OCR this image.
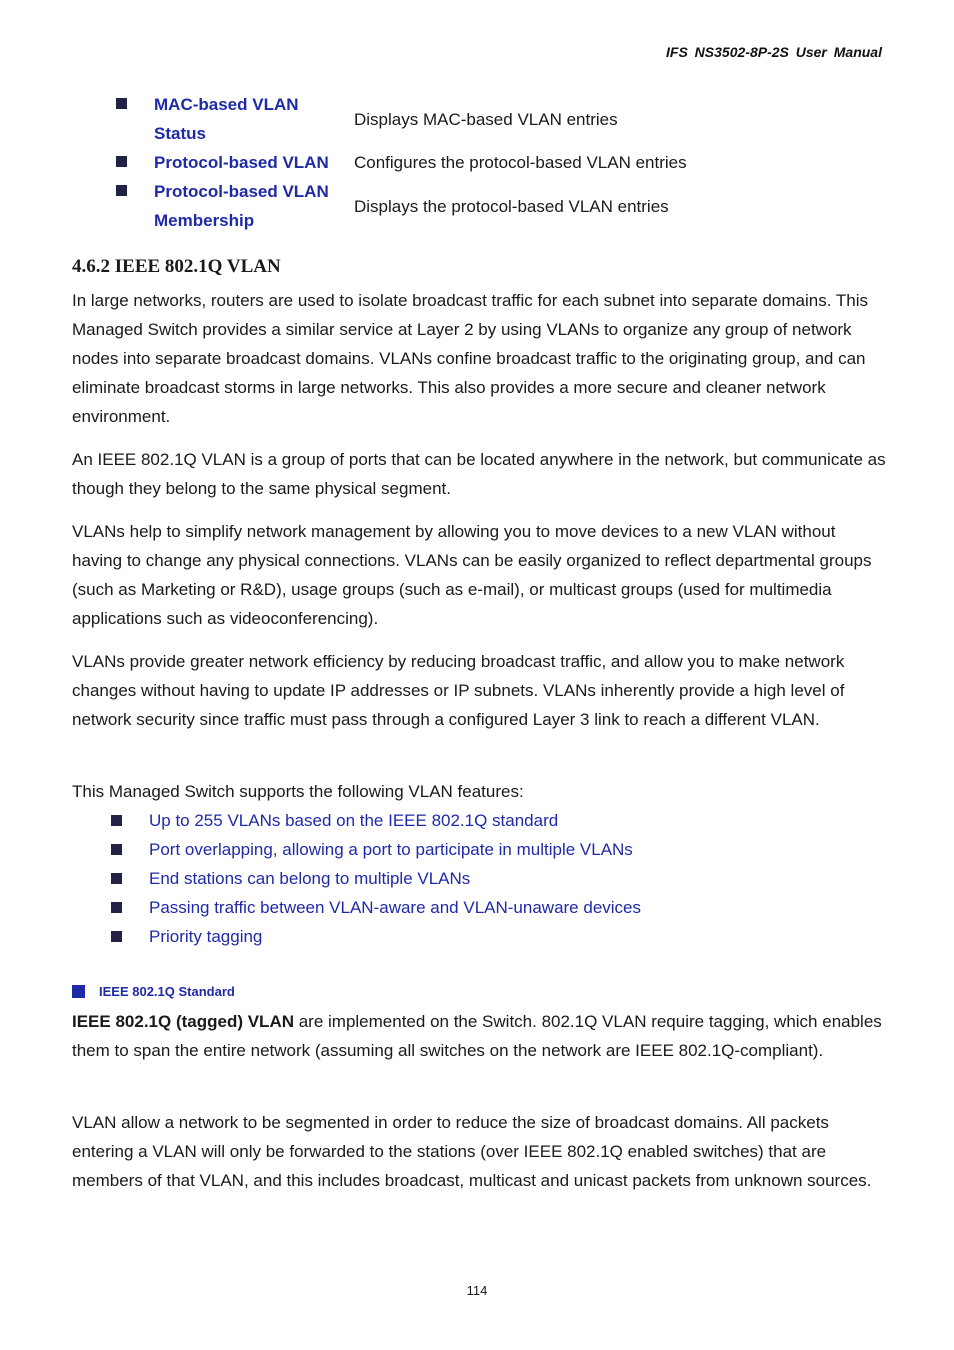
IFS NS3502-8P-2S User Manual
MAC-based VLAN Status
Displays MAC-based VLAN entries
Protocol-based VLAN	Configures the protocol-based VLAN entries
Protocol-based VLAN Membership
Displays the protocol-based VLAN entries
4.6.2 IEEE 802.1Q VLAN

In large networks, routers are used to isolate broadcast traffic for each subnet into separate domains. This Managed Switch provides a similar service at Layer 2 by using VLANs to organize any group of network nodes into separate broadcast domains. VLANs confine broadcast traffic to the originating group, and can eliminate broadcast storms in large networks. This also provides a more secure and cleaner network environment.

An IEEE 802.1Q VLAN is a group of ports that can be located anywhere in the network, but communicate as though they belong to the same physical segment.

VLANs help to simplify network management by allowing you to move devices to a new VLAN without having to change any physical connections. VLANs can be easily organized to reflect departmental groups (such as Marketing or R&D), usage groups (such as e-mail), or multicast groups (used for multimedia applications such as videoconferencing).

VLANs provide greater network efficiency by reducing broadcast traffic, and allow you to make network changes without having to update IP addresses or IP subnets. VLANs inherently provide a high level of network security since traffic must pass through a configured Layer 3 link to reach a different VLAN.

This Managed Switch supports the following VLAN features:

Up to 255 VLANs based on the IEEE 802.1Q standard
Port overlapping, allowing a port to participate in multiple VLANs
End stations can belong to multiple VLANs
Passing traffic between VLAN-aware and VLAN-unaware devices
Priority tagging
IEEE 802.1Q Standard

IEEE 802.1Q (tagged) VLAN are implemented on the Switch. 802.1Q VLAN require tagging, which enables them to span the entire network (assuming all switches on the network are IEEE 802.1Q-compliant).

VLAN allow a network to be segmented in order to reduce the size of broadcast domains. All packets entering a VLAN will only be forwarded to the stations (over IEEE 802.1Q enabled switches) that are members of that VLAN, and this includes broadcast, multicast and unicast packets from unknown sources.

114
